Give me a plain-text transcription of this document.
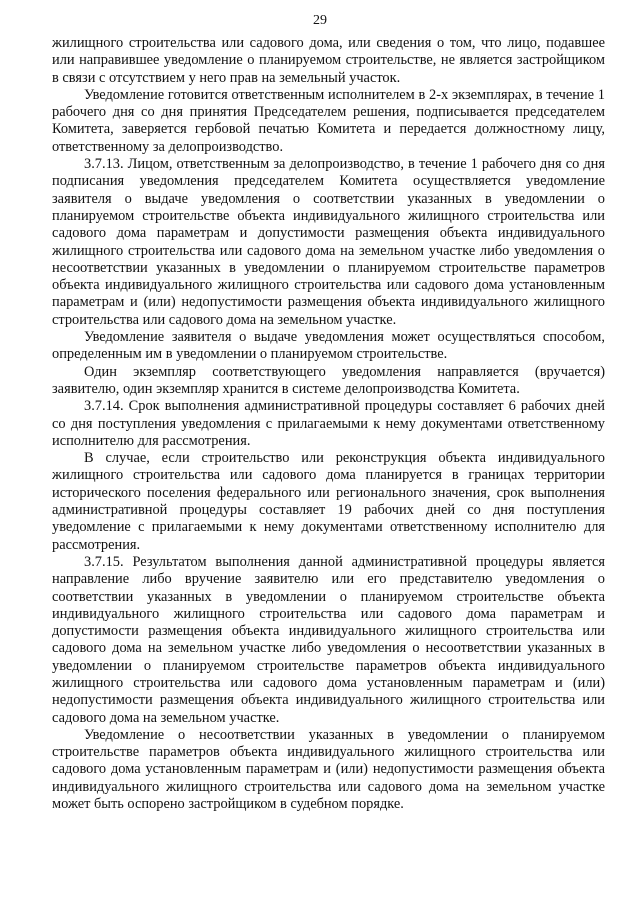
29

жилищного строительства или садового дома, или сведения о том, что лицо, подавшее или направившее уведомление о планируемом строительстве, не является застройщиком в связи с отсутствием у него прав на земельный участок.

Уведомление готовится ответственным исполнителем в 2-х экземплярах, в течение 1 рабочего дня со дня принятия Председателем решения, подписывается председателем Комитета, заверяется гербовой печатью Комитета и передается должностному лицу, ответственному за делопроизводство.

3.7.13. Лицом, ответственным за делопроизводство, в течение 1 рабочего дня со дня подписания уведомления председателем Комитета осуществляется уведомление заявителя о выдаче уведомления о соответствии указанных в уведомлении о планируемом строительстве объекта индивидуального жилищного строительства или садового дома параметрам и допустимости размещения объекта индивидуального жилищного строительства или садового дома на земельном участке либо уведомления о несоответствии указанных в уведомлении о планируемом строительстве параметров объекта индивидуального жилищного строительства или садового дома установленным параметрам и (или) недопустимости размещения объекта индивидуального жилищного строительства или садового дома на земельном участке.

Уведомление заявителя о выдаче уведомления может осуществляться способом, определенным им в уведомлении о планируемом строительстве.

Один экземпляр соответствующего уведомления направляется (вручается) заявителю, один экземпляр хранится в системе делопроизводства Комитета.

3.7.14. Срок выполнения административной процедуры составляет 6 рабочих дней со дня поступления уведомления с прилагаемыми к нему документами ответственному исполнителю для рассмотрения.

В случае, если строительство или реконструкция объекта индивидуального жилищного строительства или садового дома планируется в границах территории исторического поселения федерального или регионального значения, срок выполнения административной процедуры составляет 19 рабочих дней со дня поступления уведомление с прилагаемыми к нему документами ответственному исполнителю для рассмотрения.

3.7.15. Результатом выполнения данной административной процедуры является направление либо вручение заявителю или его представителю уведомления о соответствии указанных в уведомлении о планируемом строительстве объекта индивидуального жилищного строительства или садового дома параметрам и допустимости размещения объекта индивидуального жилищного строительства или садового дома на земельном участке либо уведомления о несоответствии указанных в уведомлении о планируемом строительстве параметров объекта индивидуального жилищного строительства или садового дома установленным параметрам и (или) недопустимости размещения объекта индивидуального жилищного строительства или садового дома на земельном участке.

Уведомление о несоответствии указанных в уведомлении о планируемом строительстве параметров объекта индивидуального жилищного строительства или садового дома установленным параметрам и (или) недопустимости размещения объекта индивидуального жилищного строительства или садового дома на земельном участке может быть оспорено застройщиком в судебном порядке.
